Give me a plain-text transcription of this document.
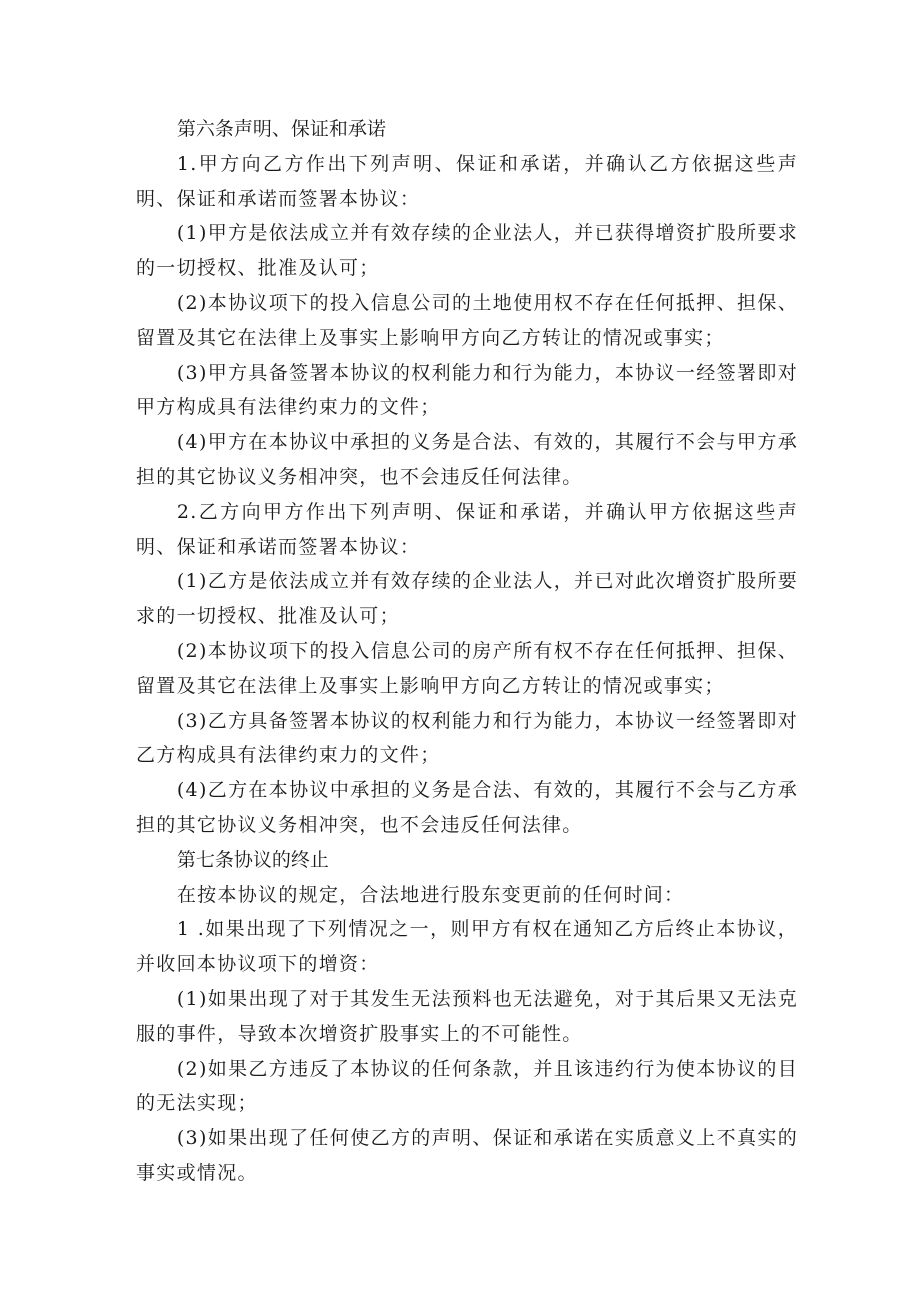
第六条声明、保证和承诺

1.甲方向乙方作出下列声明、保证和承诺，并确认乙方依据这些声明、保证和承诺而签署本协议：

(1)甲方是依法成立并有效存续的企业法人，并已获得增资扩股所要求的一切授权、批准及认可；

(2)本协议项下的投入信息公司的土地使用权不存在任何抵押、担保、留置及其它在法律上及事实上影响甲方向乙方转让的情况或事实；

(3)甲方具备签署本协议的权利能力和行为能力，本协议一经签署即对甲方构成具有法律约束力的文件；

(4)甲方在本协议中承担的义务是合法、有效的，其履行不会与甲方承担的其它协议义务相冲突，也不会违反任何法律。

2.乙方向甲方作出下列声明、保证和承诺，并确认甲方依据这些声明、保证和承诺而签署本协议：

(1)乙方是依法成立并有效存续的企业法人，并已对此次增资扩股所要求的一切授权、批准及认可；

(2)本协议项下的投入信息公司的房产所有权不存在任何抵押、担保、留置及其它在法律上及事实上影响甲方向乙方转让的情况或事实；

(3)乙方具备签署本协议的权利能力和行为能力，本协议一经签署即对乙方构成具有法律约束力的文件；

(4)乙方在本协议中承担的义务是合法、有效的，其履行不会与乙方承担的其它协议义务相冲突，也不会违反任何法律。

第七条协议的终止

在按本协议的规定，合法地进行股东变更前的任何时间：

1 .如果出现了下列情况之一，则甲方有权在通知乙方后终止本协议，并收回本协议项下的增资：

(1)如果出现了对于其发生无法预料也无法避免，对于其后果又无法克服的事件，导致本次增资扩股事实上的不可能性。

(2)如果乙方违反了本协议的任何条款，并且该违约行为使本协议的目的无法实现；

(3)如果出现了任何使乙方的声明、保证和承诺在实质意义上不真实的事实或情况。
